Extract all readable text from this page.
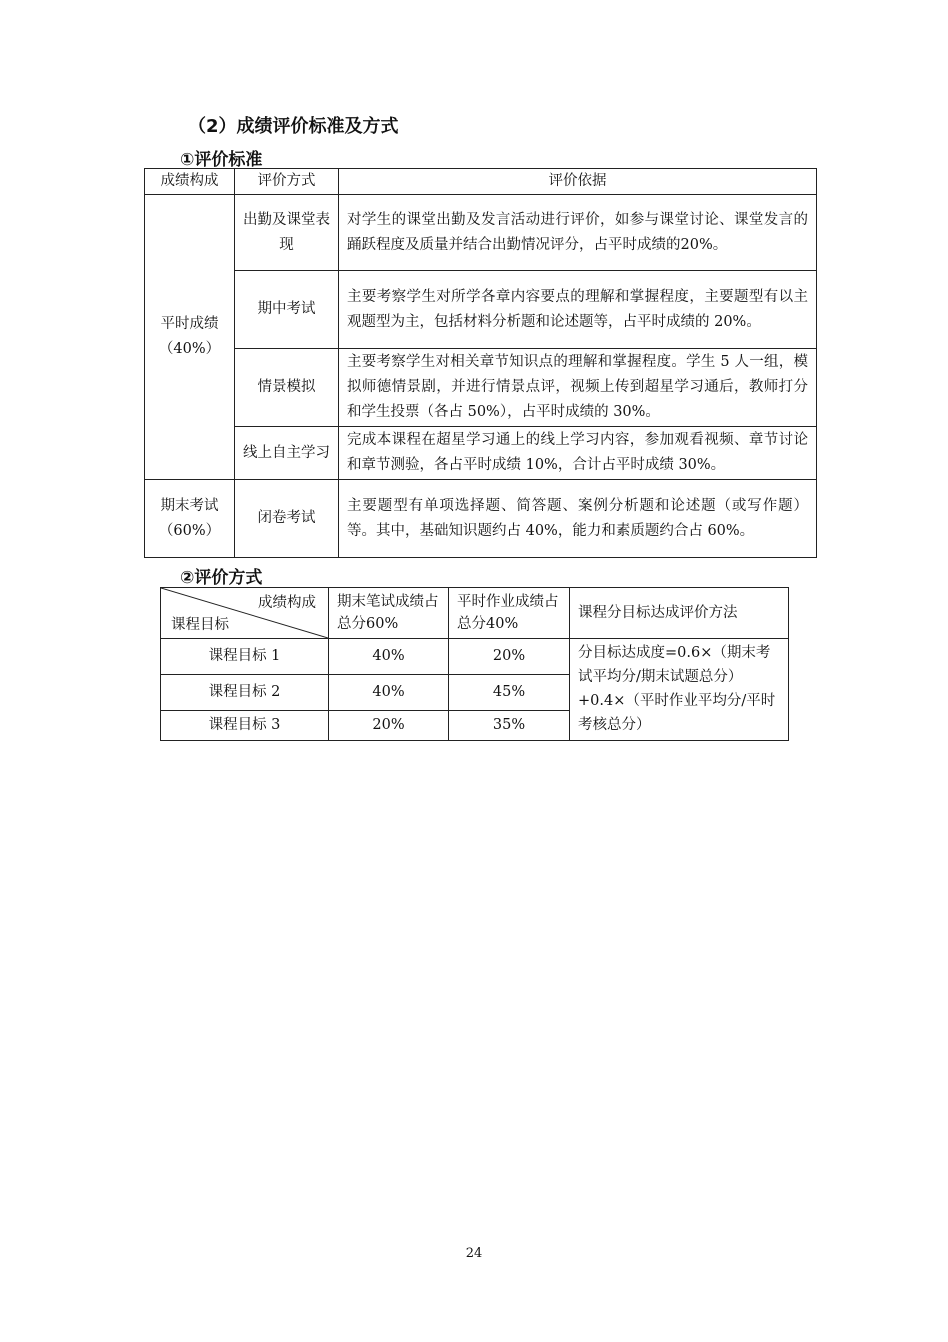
（2）成绩评价标准及方式
①评价标准
成绩构成	评价方式	评价依据

平时成绩
（40%）	出勤及课堂表现	对学生的课堂出勤及发言活动进行评价，如参与课堂讨论、课堂发言的踊跃程度及质量并结合出勤情况评分，占平时成绩的20%。
	期中考试	主要考察学生对所学各章内容要点的理解和掌握程度，主要题型有以主观题型为主，包括材料分析题和论述题等，占平时成绩的 20%。
	情景模拟	主要考察学生对相关章节知识点的理解和掌握程度。学生 5 人一组，模拟师德情景剧，并进行情景点评，视频上传到超星学习通后，教师打分和学生投票（各占 50%），占平时成绩的 30%。
	线上自主学习	完成本课程在超星学习通上的线上学习内容，参加观看视频、章节讨论和章节测验，各占平时成绩 10%，合计占平时成绩 30%。

期末考试
（60%）	闭卷考试	主要题型有单项选择题、简答题、案例分析题和论述题（或写作题）等。其中，基础知识题约占 40%，能力和素质题约合占 60%。
②评价方式
成绩构成
课程目标	期末笔试成绩占总分60%	平时作业成绩占总分40%	课程分目标达成评价方法
课程目标 1	40%	20%	分目标达成度=0.6×（期末考试平均分/期末试题总分）+0.4×（平时作业平均分/平时考核总分）
课程目标 2	40%	45%	
课程目标 3	20%	35%	
24
